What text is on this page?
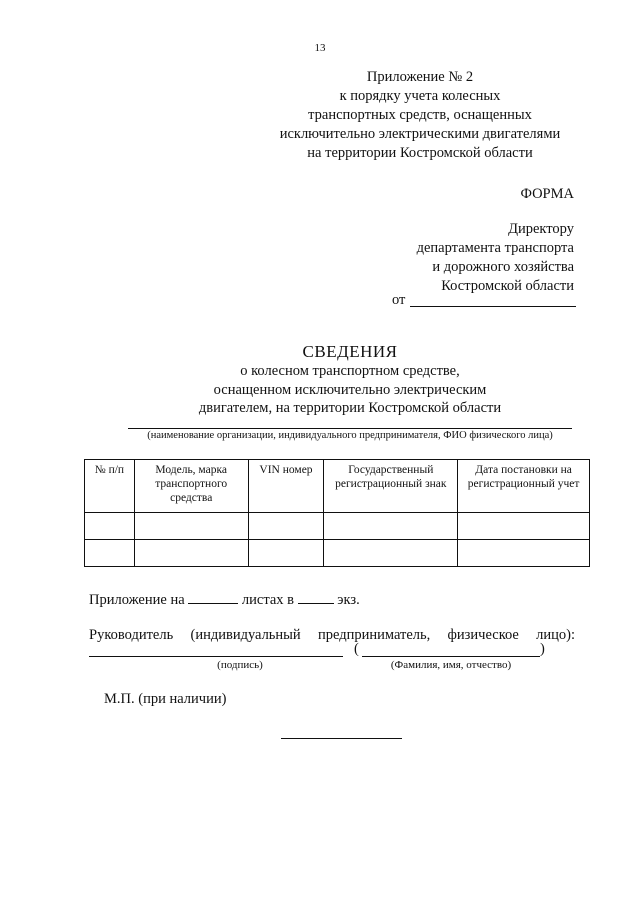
13
Приложение № 2
к порядку учета колесных
транспортных средств, оснащенных
исключительно электрическими двигателями
на территории Костромской области
ФОРМА
Директору
департамента транспорта
и дорожного хозяйства
Костромской области
от
СВЕДЕНИЯ
о колесном транспортном средстве,
оснащенном исключительно электрическим
двигателем, на территории Костромской области
(наименование организации, индивидуального предпринимателя, ФИО физического лица)
№ п/п	Модель, марка транспортного средства	VIN номер	Государственный регистрационный знак	Дата постановки на регистрационный учет

Приложение на	листах в	экз.
Руководитель (индивидуальный предприниматель, физическое лицо):
(	)
(подпись)	(Фамилия, имя, отчество)
М.П. (при наличии)
